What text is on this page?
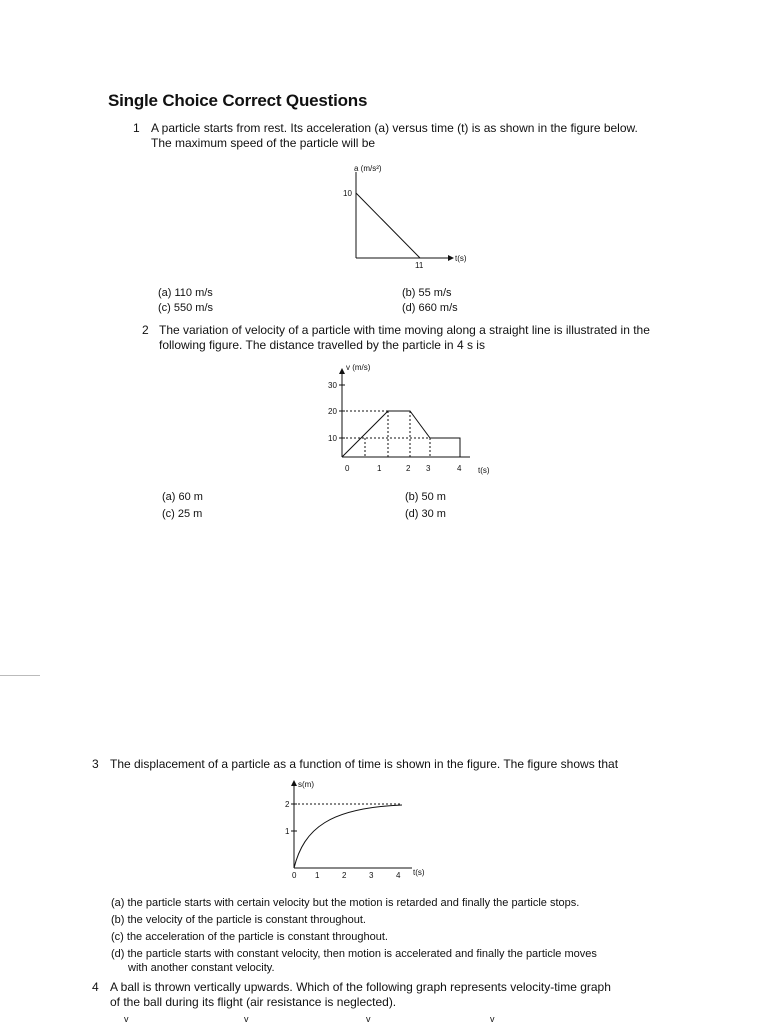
Single Choice Correct Questions
1 A particle starts from rest. Its acceleration (a) versus time (t) is as shown in the figure below.
The maximum speed of the particle will be
a (m/s²)
t(s)
10
11
(a) 110 m/s	(b) 55 m/s
(c) 550 m/s	(d) 660 m/s
2 The variation of velocity of a particle with time moving along a straight line is illustrated in the
following figure. The distance travelled by the particle in 4 s is
v (m/s)
t(s)
30
20
10
0	1	2 3	4
(a) 60 m	(b) 50 m
(c) 25 m	(d) 30 m
3 The displacement of a particle as a function of time is shown in the figure. The figure shows that
s(m)
t(s)
2
1
0 1	2	3	4
(a) the particle starts with certain velocity but the motion is retarded and finally the particle stops.
(b) the velocity of the particle is constant throughout.
(c) the acceleration of the particle is constant throughout.
(d) the particle starts with constant velocity, then motion is accelerated and finally the particle moves
with another constant velocity.
4 A ball is thrown vertically upwards. Which of the following graph represents velocity-time graph
of the ball during its flight (air resistance is neglected).
v	v	v	v
